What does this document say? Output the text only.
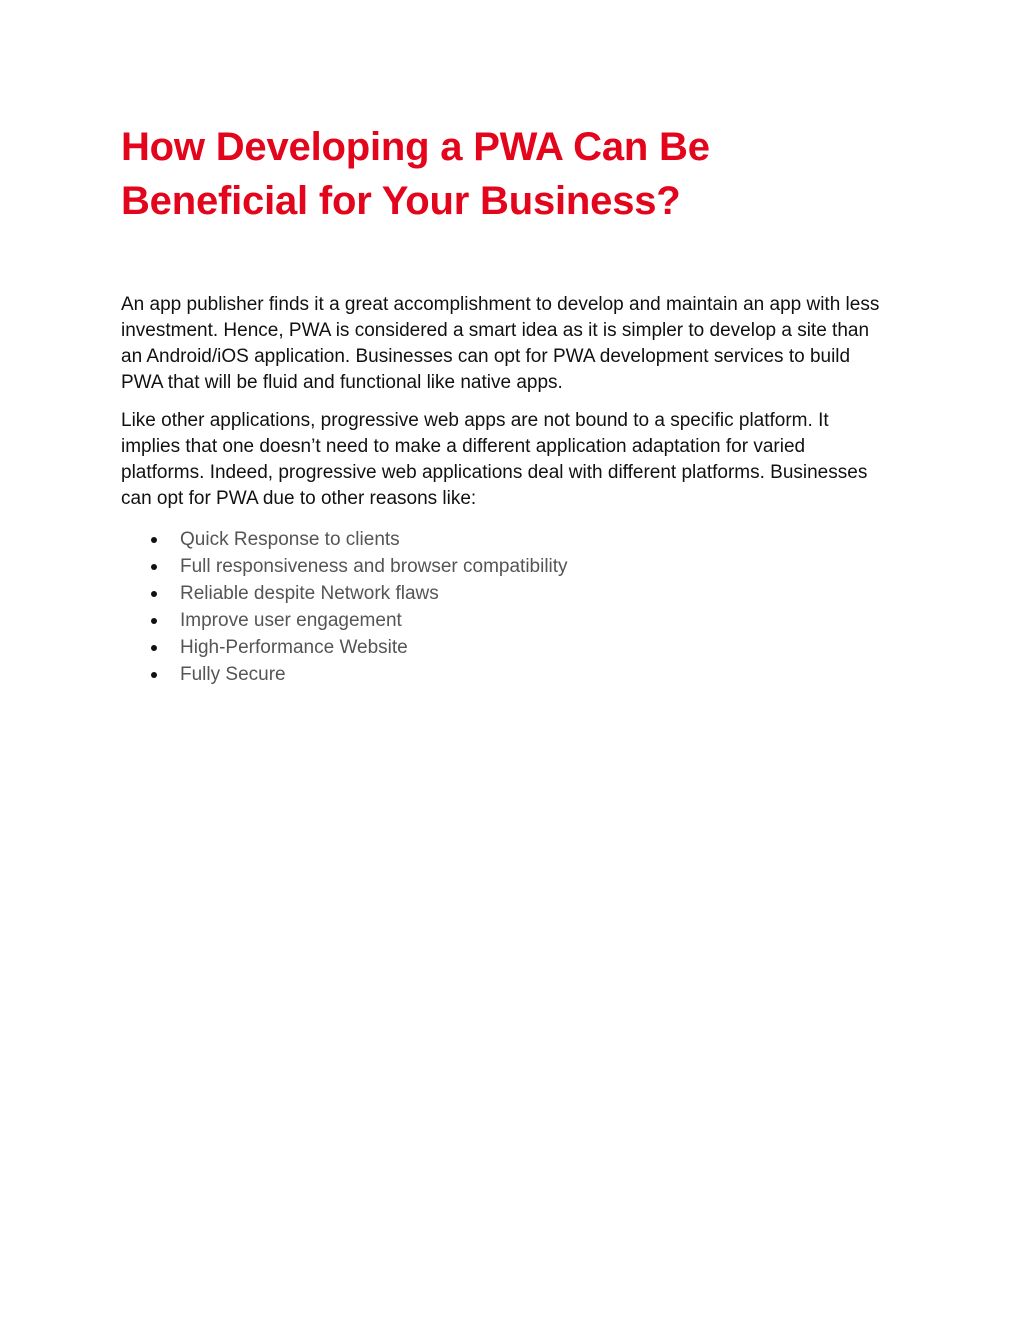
How Developing a PWA Can Be Beneficial for Your Business?

An app publisher finds it a great accomplishment to develop and maintain an app with less investment. Hence, PWA is considered a smart idea as it is simpler to develop a site than an Android/iOS application. Businesses can opt for PWA development services to build PWA that will be fluid and functional like native apps.

Like other applications, progressive web apps are not bound to a specific platform. It implies that one doesn’t need to make a different application adaptation for varied platforms. Indeed, progressive web applications deal with different platforms. Businesses can opt for PWA due to other reasons like:

Quick Response to clients
Full responsiveness and browser compatibility
Reliable despite Network flaws
Improve user engagement
High-Performance Website
Fully Secure
